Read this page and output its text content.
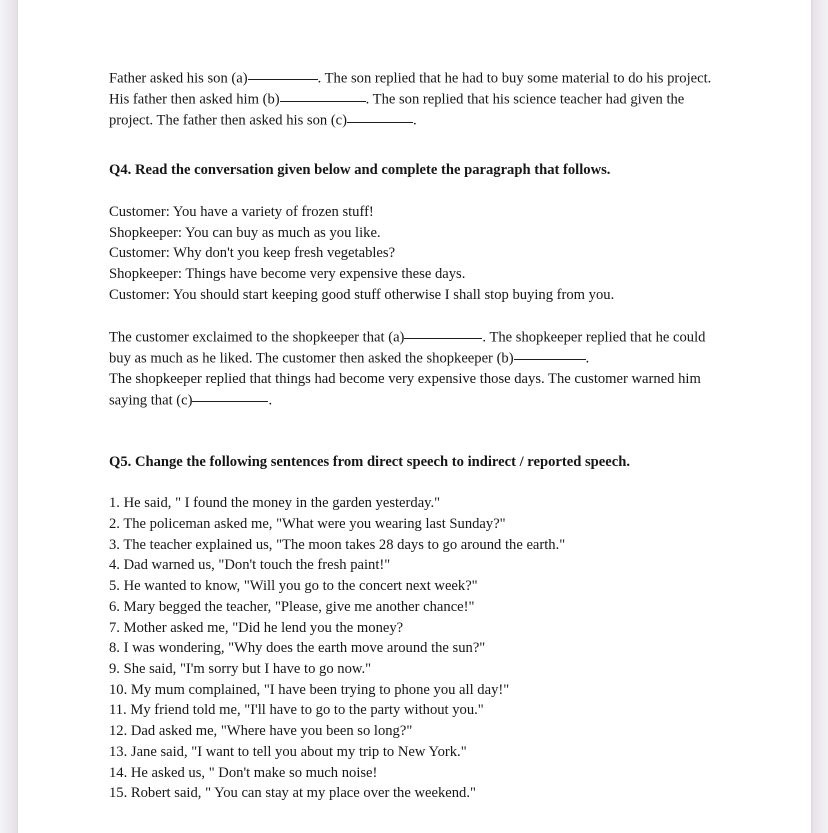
Father asked his son (a)	. The son replied that he had to buy some material to do his project. His father then asked him (b)	. The son replied that his science teacher had given the project. The father then asked his son (c)	.

Q4. Read the conversation given below and complete the paragraph that follows.

Customer: You have a variety of frozen stuff!

Shopkeeper: You can buy as much as you like.

Customer: Why don't you keep fresh vegetables?

Shopkeeper: Things have become very expensive these days.

Customer: You should start keeping good stuff otherwise I shall stop buying from you.

The customer exclaimed to the shopkeeper that (a)	. The shopkeeper replied that he could buy as much as he liked. The customer then asked the shopkeeper (b)	.

The shopkeeper replied that things had become very expensive those days. The customer warned him saying that (c)	.

Q5. Change the following sentences from direct speech to indirect / reported speech.

1. He said, " I found the money in the garden yesterday."

2. The policeman asked me, "What were you wearing last Sunday?"

3. The teacher explained us, "The moon takes 28 days to go around the earth."

4. Dad warned us, "Don't touch the fresh paint!"

5. He wanted to know, "Will you go to the concert next week?"

6. Mary begged the teacher, "Please, give me another chance!"

7. Mother asked me, "Did he lend you the money?

8. I was wondering, "Why does the earth move around the sun?"

9. She said, "I'm sorry but I have to go now."

10. My mum complained, "I have been trying to phone you all day!"

11. My friend told me, "I'll have to go to the party without you."

12. Dad asked me, "Where have you been so long?"

13. Jane said, "I want to tell you about my trip to New York."

14. He asked us, " Don't make so much noise!

15. Robert said, " You can stay at my place over the weekend."
